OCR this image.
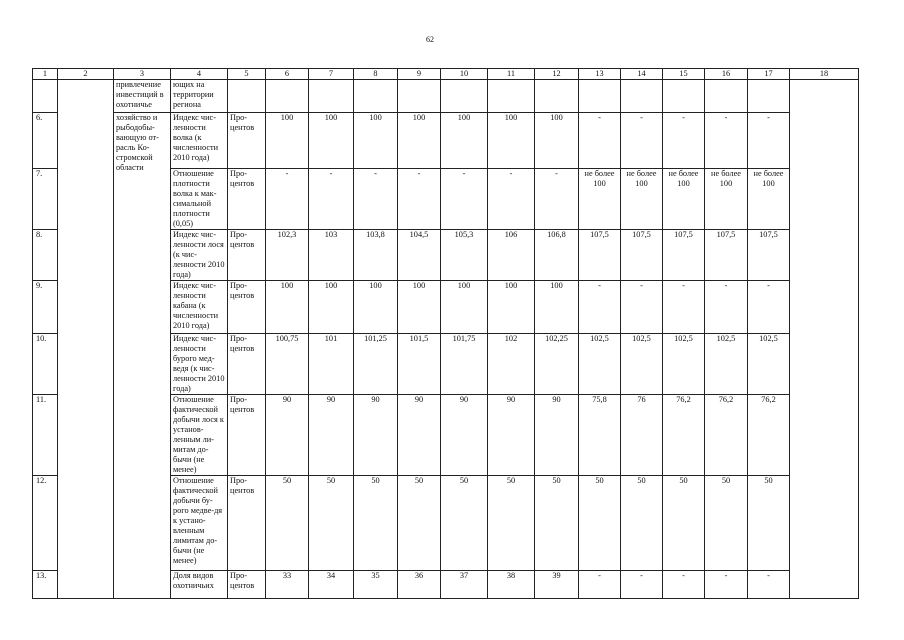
62
1	2	3	4	5	6	7	8	9	10	11	12	13	14	15	16	17	18
		привлечение инвестиций в охотничье	ющих на территории региона														
6.		хозяйство и рыбодобы-вающую от-расль Ко-стромской области	Индекс чис-ленности волка (к численности 2010 года)	Про-центов	100	100	100	100	100	100	100	-	-	-	-	-	
7.			Отношение плотности волка к мак-симальной плотности (0,05)	Про-центов	-	-	-	-	-	-	-	не более 100	не более 100	не более 100	не более 100	не более 100	
8.			Индекс чис-ленности лося (к чис-ленности 2010 года)	Про-центов	102,3	103	103,8	104,5	105,3	106	106,8	107,5	107,5	107,5	107,5	107,5	
9.			Индекс чис-ленности кабана (к численности 2010 года)	Про-центов	100	100	100	100	100	100	100	-	-	-	-	-	
10.			Индекс чис-ленности бурого мед-ведя (к чис-ленности 2010 года)	Про-центов	100,75	101	101,25	101,5	101,75	102	102,25	102,5	102,5	102,5	102,5	102,5	
11.			Отношение фактической добычи лося к установ-ленным ли-митам до-бычи (не менее)	Про-центов	90	90	90	90	90	90	90	75,8	76	76,2	76,2	76,2	
12.			Отношение фактической добычи бу-рого медве-дя к устано-вленным лимитам до-бычи (не менее)	Про-центов	50	50	50	50	50	50	50	50	50	50	50	50	
13.			Доля видов охотничьих	Про-центов	33	34	35	36	37	38	39	-	-	-	-	-	
